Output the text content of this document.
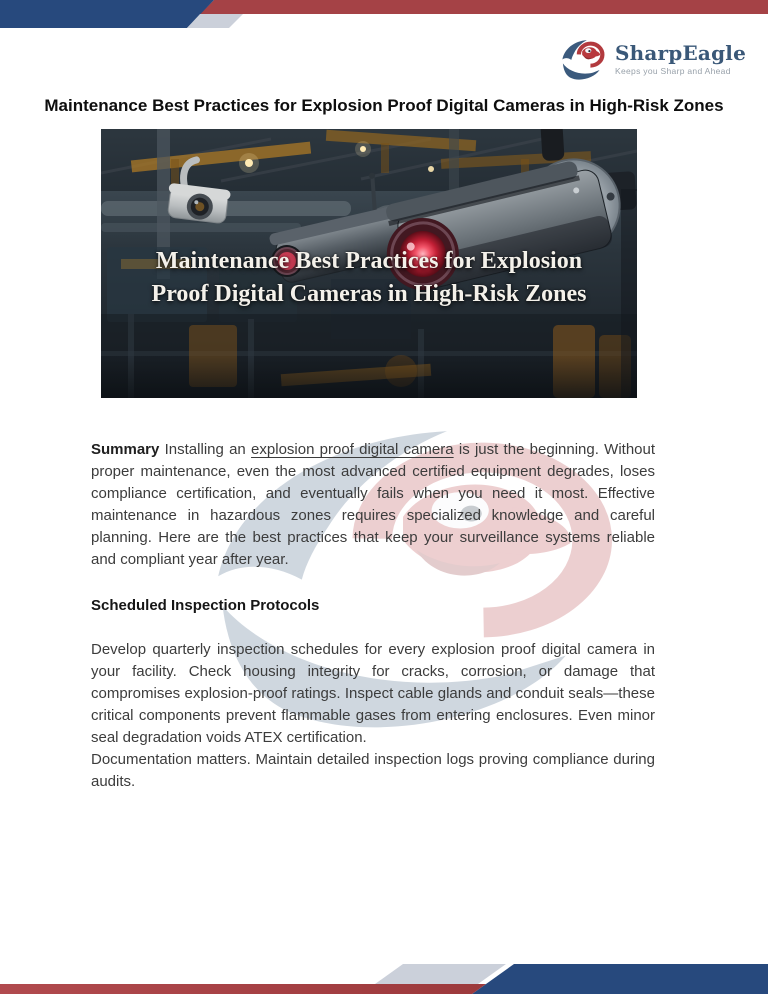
SharpEagle
Keeps you Sharp and Ahead
Maintenance Best Practices for Explosion Proof Digital Cameras in High-Risk Zones
Maintenance Best Practices for Explosion
Proof Digital Cameras in High-Risk Zones

Summary Installing an explosion proof digital camera is just the beginning. Without proper maintenance, even the most advanced certified equipment degrades, loses compliance certification, and eventually fails when you need it most. Effective maintenance in hazardous zones requires specialized knowledge and careful planning. Here are the best practices that keep your surveillance systems reliable and compliant year after year.

Scheduled Inspection Protocols

Develop quarterly inspection schedules for every explosion proof digital camera in your facility. Check housing integrity for cracks, corrosion, or damage that compromises explosion-proof ratings. Inspect cable glands and conduit seals—these critical components prevent flammable gases from entering enclosures. Even minor seal degradation voids ATEX certification.

Documentation matters. Maintain detailed inspection logs proving compliance during audits.
